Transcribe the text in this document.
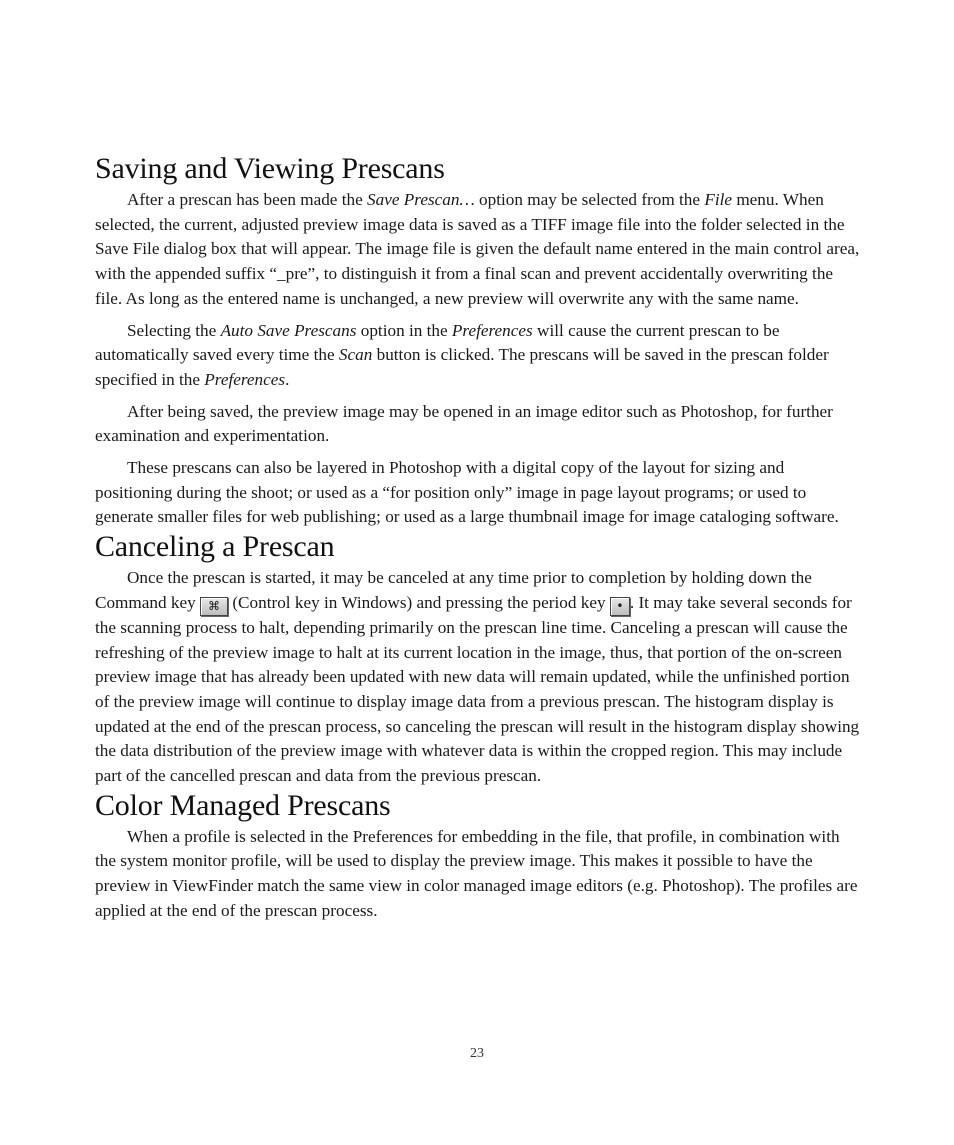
Saving and Viewing Prescans

After a prescan has been made the Save Prescan… option may be selected from the File menu. When selected, the current, adjusted preview image data is saved as a TIFF image file into the folder selected in the Save File dialog box that will appear. The image file is given the default name entered in the main control area, with the appended suffix “_pre”, to distinguish it from a final scan and prevent accidentally overwriting the file. As long as the entered name is unchanged, a new preview will overwrite any with the same name.

Selecting the Auto Save Prescans option in the Preferences will cause the current prescan to be automatically saved every time the Scan button is clicked. The prescans will be saved in the prescan folder specified in the Preferences.

After being saved, the preview image may be opened in an image editor such as Photoshop, for further examination and experimentation.

These prescans can also be layered in Photoshop with a digital copy of the layout for sizing and positioning during the shoot; or used as a “for position only” image in page layout programs; or used to generate smaller files for web publishing; or used as a large thumbnail image for image cataloging software.

Canceling a Prescan

Once the prescan is started, it may be canceled at any time prior to completion by holding down the Command key ⌘ (Control key in Windows) and pressing the period key • . It may take several seconds for the scanning process to halt, depending primarily on the prescan line time. Canceling a prescan will cause the refreshing of the preview image to halt at its current location in the image, thus, that portion of the on-screen preview image that has already been updated with new data will remain updated, while the unfinished portion of the preview image will continue to display image data from a previous prescan. The histogram display is updated at the end of the prescan process, so canceling the prescan will result in the histogram display showing the data distribution of the preview image with whatever data is within the cropped region. This may include part of the cancelled prescan and data from the previous prescan.

Color Managed Prescans

When a profile is selected in the Preferences for embedding in the file, that profile, in combination with the system monitor profile, will be used to display the preview image. This makes it possible to have the preview in ViewFinder match the same view in color managed image editors (e.g. Photoshop). The profiles are applied at the end of the prescan process.

23
